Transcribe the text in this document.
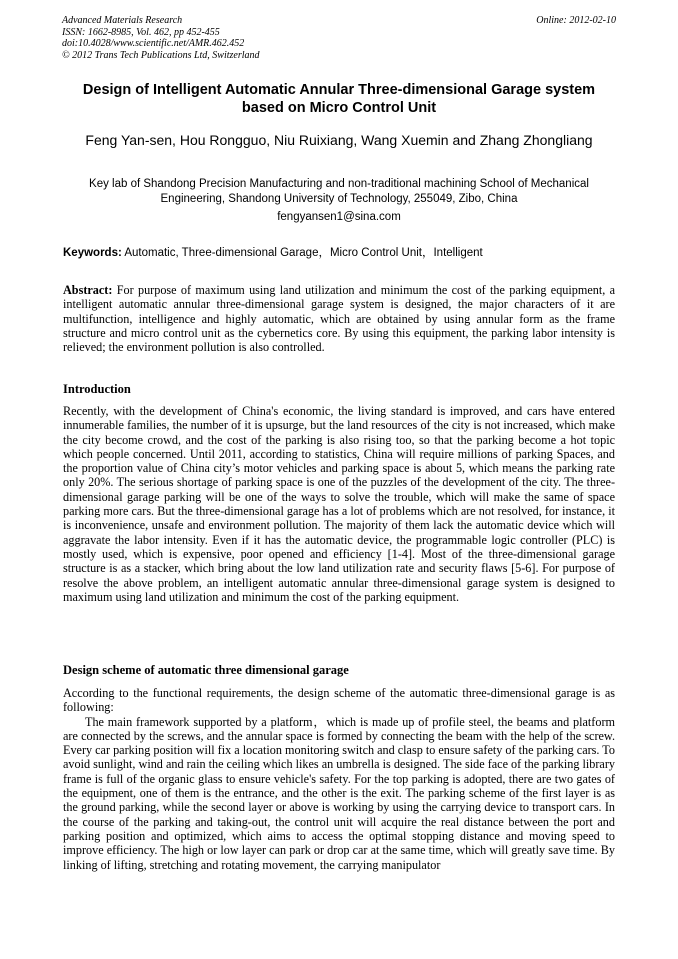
Advanced Materials Research
ISSN: 1662-8985, Vol. 462, pp 452-455
doi:10.4028/www.scientific.net/AMR.462.452
© 2012 Trans Tech Publications Ltd, Switzerland
Online: 2012-02-10
Design of Intelligent Automatic Annular Three-dimensional Garage system based on Micro Control Unit
Feng Yan-sen, Hou Rongguo, Niu Ruixiang, Wang Xuemin and Zhang Zhongliang
Key lab of Shandong Precision Manufacturing and non-traditional machining School of Mechanical Engineering, Shandong University of Technology, 255049, Zibo, China
fengyansen1@sina.com
Keywords: Automatic, Three-dimensional Garage，Micro Control Unit，Intelligent
Abstract: For purpose of maximum using land utilization and minimum the cost of the parking equipment, a intelligent automatic annular three-dimensional garage system is designed, the major characters of it are multifunction, intelligence and highly automatic, which are obtained by using annular form as the frame structure and micro control unit as the cybernetics core. By using this equipment, the parking labor intensity is relieved; the environment pollution is also controlled.
Introduction
Recently, with the development of China's economic, the living standard is improved, and cars have entered innumerable families, the number of it is upsurge, but the land resources of the city is not increased, which make the city become crowd, and the cost of the parking is also rising too, so that the parking become a hot topic which people concerned. Until 2011, according to statistics, China will require millions of parking Spaces, and the proportion value of China city’s motor vehicles and parking space is about 5, which means the parking rate only 20%. The serious shortage of parking space is one of the puzzles of the development of the city. The three-dimensional garage parking will be one of the ways to solve the trouble, which will make the same of space parking more cars. But the three-dimensional garage has a lot of problems which are not resolved, for instance, it is inconvenience, unsafe and environment pollution. The majority of them lack the automatic device which will aggravate the labor intensity. Even if it has the automatic device, the programmable logic controller (PLC) is mostly used, which is expensive, poor opened and efficiency [1-4]. Most of the three-dimensional garage structure is as a stacker, which bring about the low land utilization rate and security flaws [5-6]. For purpose of resolve the above problem, an intelligent automatic annular three-dimensional garage system is designed to maximum using land utilization and minimum the cost of the parking equipment.
Design scheme of automatic three dimensional garage
According to the functional requirements, the design scheme of the automatic three-dimensional garage is as following:
The main framework supported by a platform，which is made up of profile steel, the beams and platform are connected by the screws, and the annular space is formed by connecting the beam with the help of the screw. Every car parking position will fix a location monitoring switch and clasp to ensure safety of the parking cars. To avoid sunlight, wind and rain the ceiling which likes an umbrella is designed. The side face of the parking library frame is full of the organic glass to ensure vehicle's safety. For the top parking is adopted, there are two gates of the equipment, one of them is the entrance, and the other is the exit. The parking scheme of the first layer is as the ground parking, while the second layer or above is working by using the carrying device to transport cars. In the course of the parking and taking-out, the control unit will acquire the real distance between the port and parking position and optimized, which aims to access the optimal stopping distance and moving speed to improve efficiency. The high or low layer can park or drop car at the same time, which will greatly save time. By linking of lifting, stretching and rotating movement, the carrying manipulator
